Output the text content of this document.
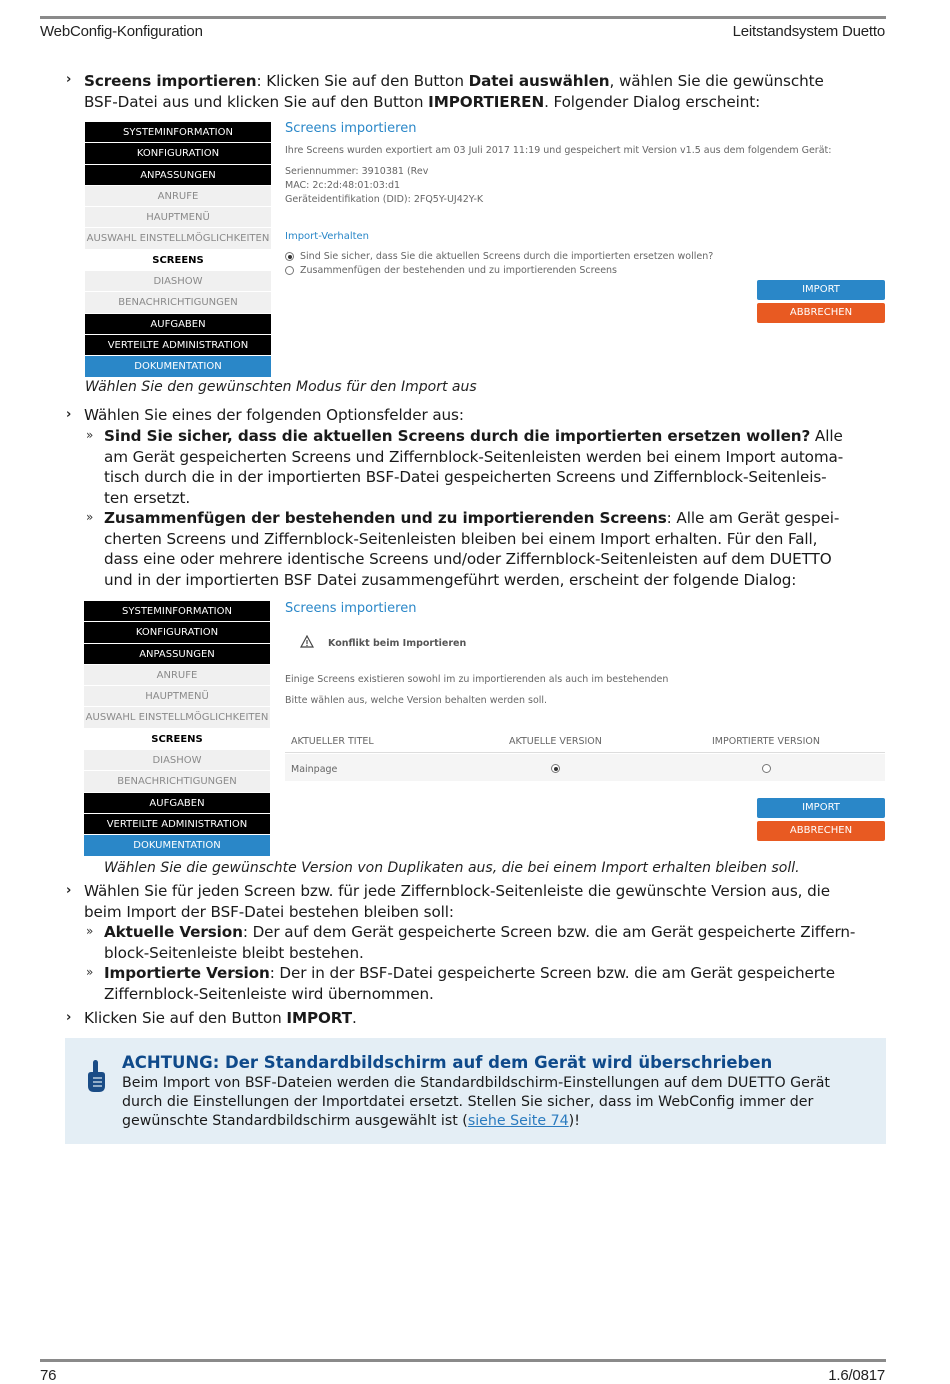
WebConfig-Konfiguration	Leitstandsystem Duetto
› Screens importieren: Klicken Sie auf den Button Datei auswählen, wählen Sie die gewünschte
BSF-Datei aus und klicken Sie auf den Button IMPORTIEREN. Folgender Dialog erscheint:
SYSTEMINFORMATION
KONFIGURATION
ANPASSUNGEN
ANRUFE
HAUPTMENÜ
AUSWAHL EINSTELLMÖGLICHKEITEN
SCREENS
DIASHOW
BENACHRICHTIGUNGEN
AUFGABEN
VERTEILTE ADMINISTRATION
DOKUMENTATION
Screens importieren
Ihre Screens wurden exportiert am 03 Juli 2017 11:19 und gespeichert mit Version v1.5 aus dem folgendem Gerät:
Seriennummer: 3910381 (Rev
MAC: 2c:2d:48:01:03:d1
Geräteidentifikation (DID): 2FQ5Y-UJ42Y-K
Import-Verhalten
Sind Sie sicher, dass Sie die aktuellen Screens durch die importierten ersetzen wollen?
Zusammenfügen der bestehenden und zu importierenden Screens
IMPORT
ABBRECHEN
Wählen Sie den gewünschten Modus für den Import aus
› Wählen Sie eines der folgenden Optionsfelder aus:
» Sind Sie sicher, dass die aktuellen Screens durch die importierten ersetzen wollen? Alle
am Gerät gespeicherten Screens und Ziffernblock-Seitenleisten werden bei einem Import automa-
tisch durch die in der importierten BSF-Datei gespeicherten Screens und Ziffernblock-Seitenleis-
ten ersetzt.
» Zusammenfügen der bestehenden und zu importierenden Screens: Alle am Gerät gespei-
cherten Screens und Ziffernblock-Seitenleisten bleiben bei einem Import erhalten. Für den Fall,
dass eine oder mehrere identische Screens und/oder Ziffernblock-Seitenleisten auf dem DUETTO
und in der importierten BSF Datei zusammengeführt werden, erscheint der folgende Dialog:
SYSTEMINFORMATION
KONFIGURATION
ANPASSUNGEN
ANRUFE
HAUPTMENÜ
AUSWAHL EINSTELLMÖGLICHKEITEN
SCREENS
DIASHOW
BENACHRICHTIGUNGEN
AUFGABEN
VERTEILTE ADMINISTRATION
DOKUMENTATION
Screens importieren
Konflikt beim Importieren
Einige Screens existieren sowohl im zu importierenden als auch im bestehenden
Bitte wählen aus, welche Version behalten werden soll.
AKTUELLER TITEL	AKTUELLE VERSION	IMPORTIERTE VERSION
Mainpage
IMPORT
ABBRECHEN
Wählen Sie die gewünschte Version von Duplikaten aus, die bei einem Import erhalten bleiben soll.
› Wählen Sie für jeden Screen bzw. für jede Ziffernblock-Seitenleiste die gewünschte Version aus, die
beim Import der BSF-Datei bestehen bleiben soll:
» Aktuelle Version: Der auf dem Gerät gespeicherte Screen bzw. die am Gerät gespeicherte Ziffern-
block-Seitenleiste bleibt bestehen.
» Importierte Version: Der in der BSF-Datei gespeicherte Screen bzw. die am Gerät gespeicherte
Ziffernblock-Seitenleiste wird übernommen.
› Klicken Sie auf den Button IMPORT.
ACHTUNG: Der Standardbildschirm auf dem Gerät wird überschrieben
Beim Import von BSF-Dateien werden die Standardbildschirm-Einstellungen auf dem DUETTO Gerät
durch die Einstellungen der Importdatei ersetzt. Stellen Sie sicher, dass im WebConfig immer der
gewünschte Standardbildschirm ausgewählt ist (siehe Seite 74)!
76	1.6/0817
